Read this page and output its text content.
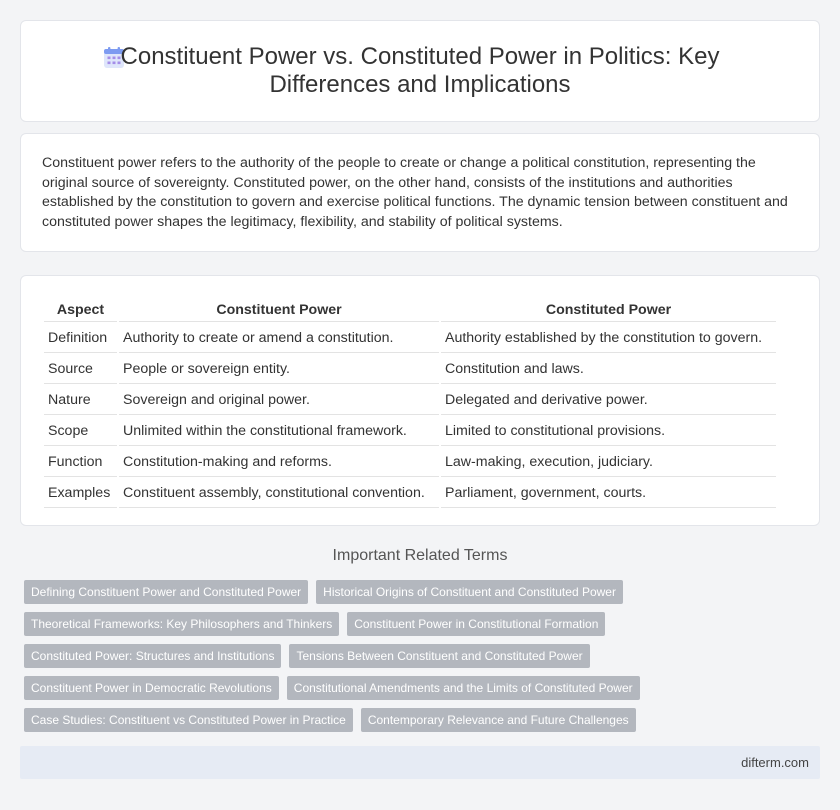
Constituent Power vs. Constituted Power in Politics: Key Differences and Implications

Constituent power refers to the authority of the people to create or change a political constitution, representing the original source of sovereignty. Constituted power, on the other hand, consists of the institutions and authorities established by the constitution to govern and exercise political functions. The dynamic tension between constituent and constituted power shapes the legitimacy, flexibility, and stability of political systems.

Aspect	Constituent Power	Constituted Power
Definition	Authority to create or amend a constitution.	Authority established by the constitution to govern.
Source	People or sovereign entity.	Constitution and laws.
Nature	Sovereign and original power.	Delegated and derivative power.
Scope	Unlimited within the constitutional framework.	Limited to constitutional provisions.
Function	Constitution-making and reforms.	Law-making, execution, judiciary.
Examples	Constituent assembly, constitutional convention.	Parliament, government, courts.
Important Related Terms
Defining Constituent Power and Constituted Power	Historical Origins of Constituent and Constituted Power
Theoretical Frameworks: Key Philosophers and Thinkers	Constituent Power in Constitutional Formation
Constituted Power: Structures and Institutions	Tensions Between Constituent and Constituted Power
Constituent Power in Democratic Revolutions	Constitutional Amendments and the Limits of Constituted Power
Case Studies: Constituent vs Constituted Power in Practice	Contemporary Relevance and Future Challenges
difterm.com
